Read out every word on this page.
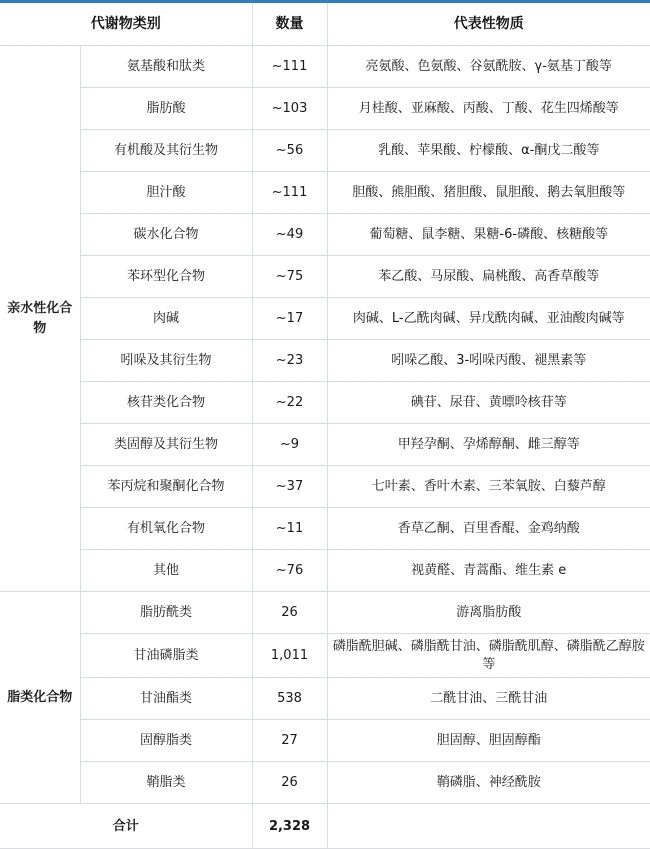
代谢物类别		数量	代表性物质
亲水性化合物	氨基酸和肽类	~111	亮氨酸、色氨酸、谷氨酰胺、γ-氨基丁酸等
	脂肪酸	~103	月桂酸、亚麻酸、丙酸、丁酸、花生四烯酸等
	有机酸及其衍生物	~56	乳酸、苹果酸、柠檬酸、α-酮戊二酸等
	胆汁酸	~111	胆酸、熊胆酸、猪胆酸、鼠胆酸、鹅去氧胆酸等
	碳水化合物	~49	葡萄糖、鼠李糖、果糖-6-磷酸、核糖酸等
	苯环型化合物	~75	苯乙酸、马尿酸、扁桃酸、高香草酸等
	肉碱	~17	肉碱、L-乙酰肉碱、异戊酰肉碱、亚油酸肉碱等
	吲哚及其衍生物	~23	吲哚乙酸、3-吲哚丙酸、褪黑素等
	核苷类化合物	~22	碘苷、尿苷、黄嘌呤核苷等
	类固醇及其衍生物	~9	甲羟孕酮、孕烯醇酮、雌三醇等
	苯丙烷和聚酮化合物	~37	七叶素、香叶木素、三苯氧胺、白藜芦醇
	有机氧化合物	~11	香草乙酮、百里香醌、金鸡纳酸
	其他	~76	视黄醛、青蒿酯、维生素 e
脂类化合物	脂肪酰类	26	游离脂肪酸
	甘油磷脂类	1,011	磷脂酰胆碱、磷脂酰甘油、磷脂酰肌醇、磷脂酰乙醇胺等
	甘油酯类	538	二酰甘油、三酰甘油
	固醇脂类	27	胆固醇、胆固醇酯
	鞘脂类	26	鞘磷脂、神经酰胺
合计		2,328	
